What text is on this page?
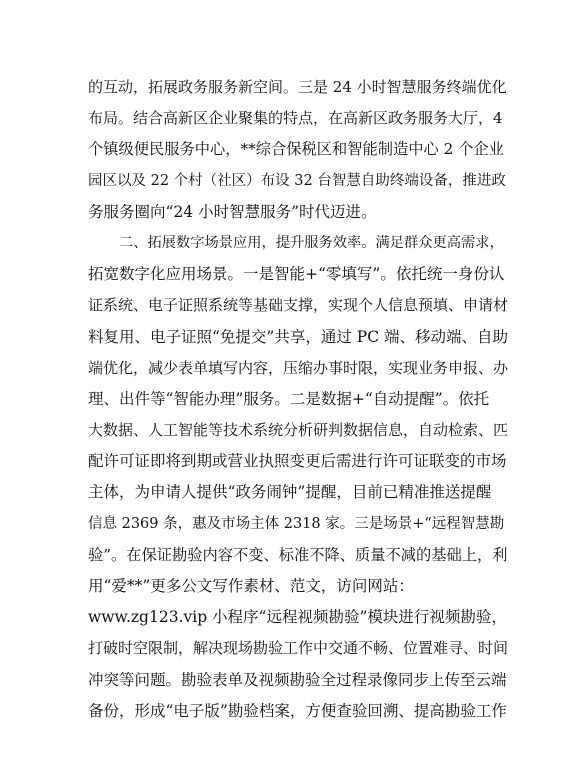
的互动，拓展政务服务新空间。三是 24 小时智慧服务终端优化
布局。结合高新区企业聚集的特点，在高新区政务服务大厅，4
个镇级便民服务中心，**综合保税区和智能制造中心 2 个企业
园区以及 22 个村（社区）布设 32 台智慧自助终端设备，推进政
务服务圈向“24 小时智慧服务”时代迈进。
二、拓展数字场景应用，提升服务效率。满足群众更高需求，
拓宽数字化应用场景。一是智能+“零填写”。依托统一身份认
证系统、电子证照系统等基础支撑，实现个人信息预填、申请材
料复用、电子证照“免提交”共享，通过 PC 端、移动端、自助
端优化，减少表单填写内容，压缩办事时限，实现业务申报、办
理、出件等“智能办理”服务。二是数据+“自动提醒”。依托
大数据、人工智能等技术系统分析研判数据信息，自动检索、匹
配许可证即将到期或营业执照变更后需进行许可证联变的市场
主体，为申请人提供“政务闹钟”提醒，目前已精准推送提醒
信息 2369 条，惠及市场主体 2318 家。三是场景+“远程智慧勘
验”。在保证勘验内容不变、标准不降、质量不减的基础上，利
用“爱**”更多公文写作素材、范文，访问网站：
www.zg123.vip 小程序“远程视频勘验”模块进行视频勘验，
打破时空限制，解决现场勘验工作中交通不畅、位置难寻、时间
冲突等问题。勘验表单及视频勘验全过程录像同步上传至云端
备份，形成“电子版”勘验档案，方便查验回溯、提高勘验工作
